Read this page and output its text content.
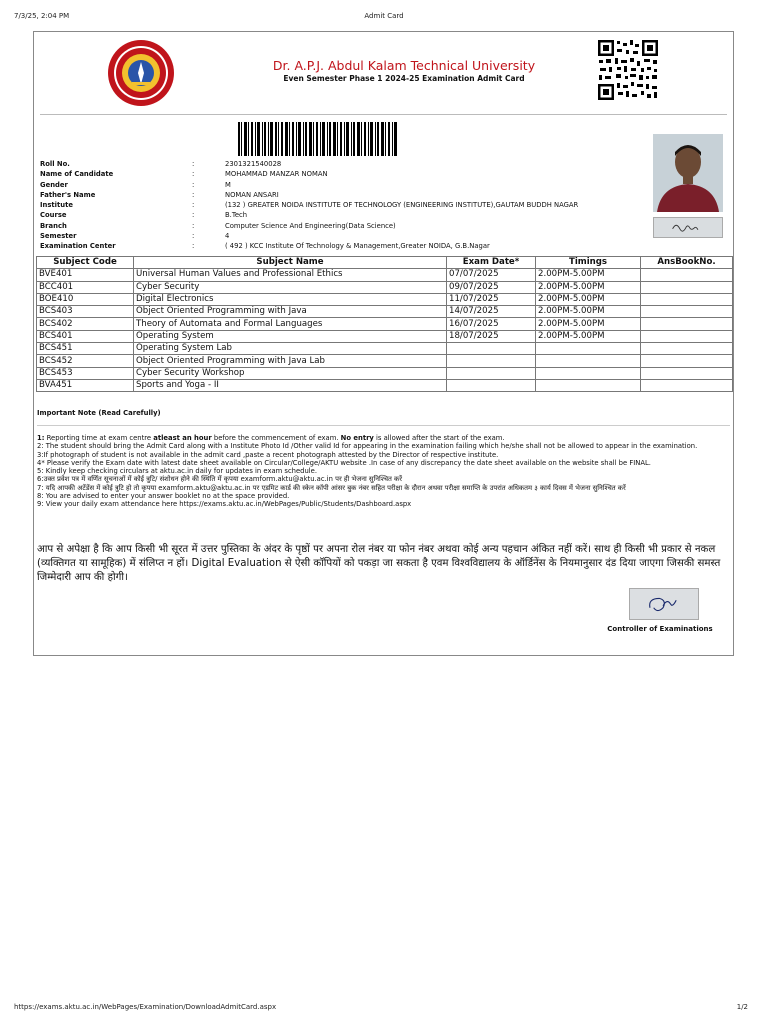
7/3/25, 2:04 PM	Admit Card
Dr. A.P.J. Abdul Kalam Technical University
Even Semester Phase 1 2024-25 Examination Admit Card
Roll No.	:	2301321540028
Name of Candidate	:	MOHAMMAD MANZAR NOMAN
Gender	:	M
Father's Name	:	NOMAN ANSARI
Institute	:	(132 ) GREATER NOIDA INSTITUTE OF TECHNOLOGY (ENGINEERING INSTITUTE),GAUTAM BUDDH NAGAR
Course	:	B.Tech
Branch	:	Computer Science And Engineering(Data Science)
Semester	:	4
Examination Center	:	( 492 ) KCC Institute Of Technology & Management,Greater NOIDA, G.B.Nagar
Subject Code	Subject Name	Exam Date*	Timings	AnsBookNo.
BVE401	Universal Human Values and Professional Ethics	07/07/2025	2.00PM-5.00PM	
BCC401	Cyber Security	09/07/2025	2.00PM-5.00PM	
BOE410	Digital Electronics	11/07/2025	2.00PM-5.00PM	
BCS403	Object Oriented Programming with Java	14/07/2025	2.00PM-5.00PM	
BCS402	Theory of Automata and Formal Languages	16/07/2025	2.00PM-5.00PM	
BCS401	Operating System	18/07/2025	2.00PM-5.00PM	
BCS451	Operating System Lab			
BCS452	Object Oriented Programming with Java Lab			
BCS453	Cyber Security Workshop			
BVA451	Sports and Yoga - II			
Important Note (Read Carefully)

1: Reporting time at exam centre atleast an hour before the commencement of exam. No entry is allowed after the start of the exam.

2: The student should bring the Admit Card along with a Institute Photo Id /Other valid Id for appearing in the examination failing which he/she shall not be allowed to appear in the examination.

3:If photograph of student is not available in the admit card ,paste a recent photograph attested by the Director of respective institute.

4* Please verify the Exam date with latest date sheet available on Circular/College/AKTU website .In case of any discrepancy the date sheet available on the website shall be FINAL.

5: Kindly keep checking circulars at aktu.ac.in daily for updates in exam schedule.

6:उक्त प्रवेश पत्र में वर्णित सूचनाओं में कोई त्रुटि/ संशोधन होने की स्थिति में कृपया examform.aktu@aktu.ac.in पर ही भेजना सुनिश्चित करें

7: यदि आपकी अटेंडेंस में कोई त्रुटि हो तो कृपया examform.aktu@aktu.ac.in पर एडमिट कार्ड की स्केन कॉपी आंसर बुक नंबर सहित परीक्षा के दौरान अथवा परीक्षा समाप्ति के उपरांत अधिकतम ३ कार्य दिवस में भेजना सुनिश्चित करें

8: You are advised to enter your answer booklet no at the space provided.

9: View your daily exam attendance here https://exams.aktu.ac.in/WebPages/Public/Students/Dashboard.aspx

आप से अपेक्षा है कि आप किसी भी सूरत में उत्तर पुस्तिका के अंदर के पृष्ठों पर अपना रोल नंबर या फोन नंबर अथवा कोई अन्य पहचान अंकित नहीं करें। साथ ही किसी भी प्रकार से नकल (व्यक्तिगत या सामूहिक) में संलिप्त न हों। Digital Evaluation से ऐसी कॉपियों को पकड़ा जा सकता है एवम विश्वविद्यालय के ऑर्डिनेंस के नियमानुसार दंड दिया जाएगा जिसकी समस्त जिम्मेदारी आप की होगी।
Controller of Examinations
https://exams.aktu.ac.in/WebPages/Examination/DownloadAdmitCard.aspx	1/2
